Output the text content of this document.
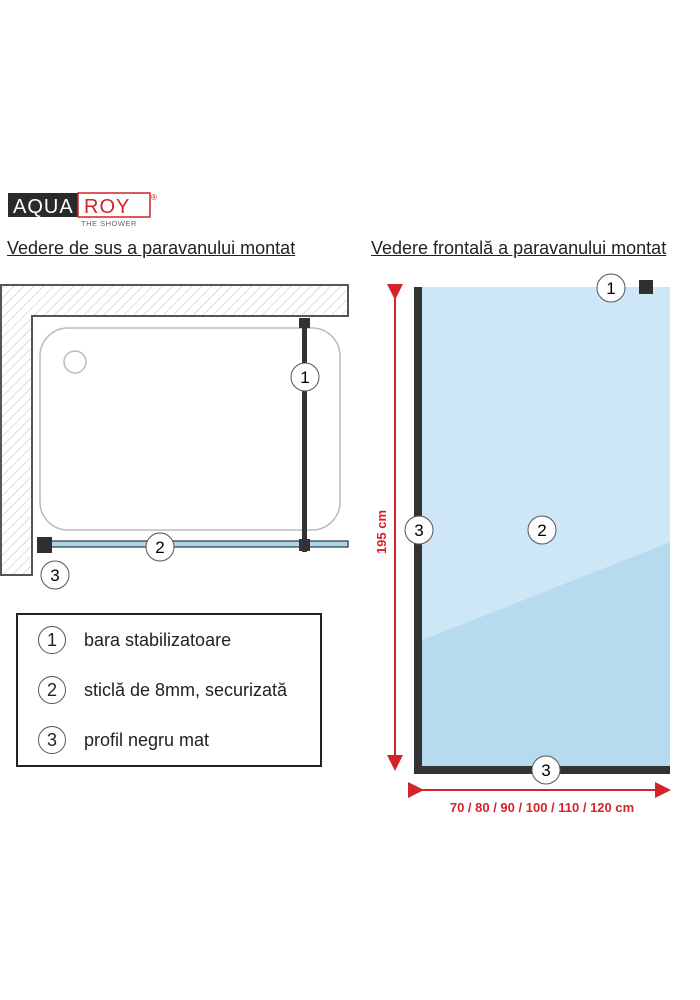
AQUA ROY	®
THE SHOWER
Vedere de sus a paravanului montat	Vedere frontală a paravanului montat
1
2
3
1	bara stabilizatoare
2	sticlă de 8mm, securizată
3	profil negru mat
195 cm
70 / 80 / 90 / 100 / 110 / 120 cm
1
2
3
3
